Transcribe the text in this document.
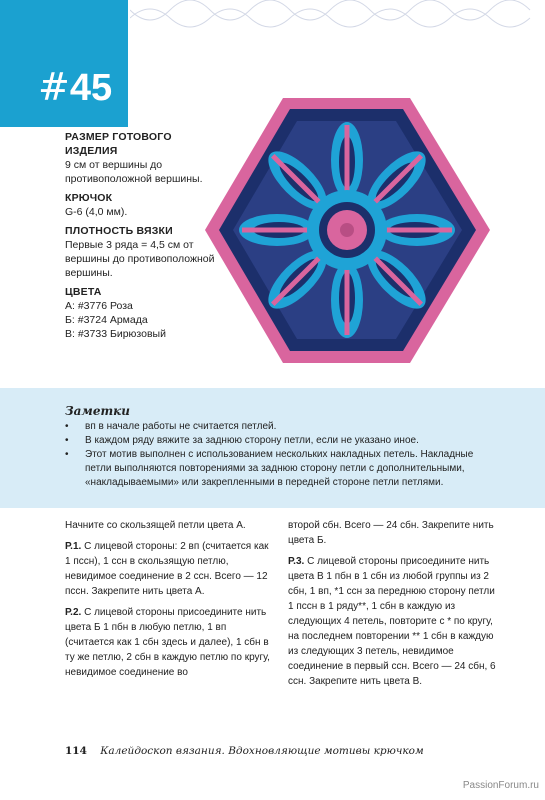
#45
РАЗМЕР ГОТОВОГО ИЗДЕЛИЯ
9 см от вершины до противоположной вершины.
КРЮЧОК
G-6 (4,0 мм).
ПЛОТНОСТЬ ВЯЗКИ
Первые 3 ряда = 4,5 см от вершины до противоположной вершины.
ЦВЕТА
А: #3776 Роза
Б: #3724 Армада
В: #3733 Бирюзовый
Заметки
• вп в начале работы не считается петлей.
• В каждом ряду вяжите за заднюю сторону петли, если не указано иное.
• Этот мотив выполнен с использованием нескольких накладных петель. Накладные петли выполняются повторениями за заднюю сторону петли с дополнительными, «накладываемыми» или закрепленными в передней стороне петли петлями.

Начните со скользящей петли цвета А.

Р.1. С лицевой стороны: 2 вп (считается как 1 пссн), 1 ссн в скользящую петлю, невидимое соединение в 2 ссн. Всего — 12 пссн. Закрепите нить цвета А.

Р.2. С лицевой стороны присоедините нить цвета Б 1 пбн в любую петлю, 1 вп (считается как 1 сбн здесь и далее), 1 сбн в ту же петлю, 2 сбн в каждую петлю по кругу, невидимое соединение во

второй сбн. Всего — 24 сбн. Закрепите нить цвета Б.

Р.3. С лицевой стороны присоедините нить цвета В 1 пбн в 1 сбн из любой группы из 2 сбн, 1 вп, *1 ссн за переднюю сторону петли 1 пссн в 1 ряду**, 1 сбн в каждую из следующих 4 петель, повторите с * по кругу, на последнем повторении ** 1 сбн в каждую из следующих 3 петель, невидимое соединение в первый ссн. Всего — 24 сбн, 6 ссн. Закрепите нить цвета В.

114 Калейдоскоп вязания. Вдохновляющие мотивы крючком
PassionForum.ru
